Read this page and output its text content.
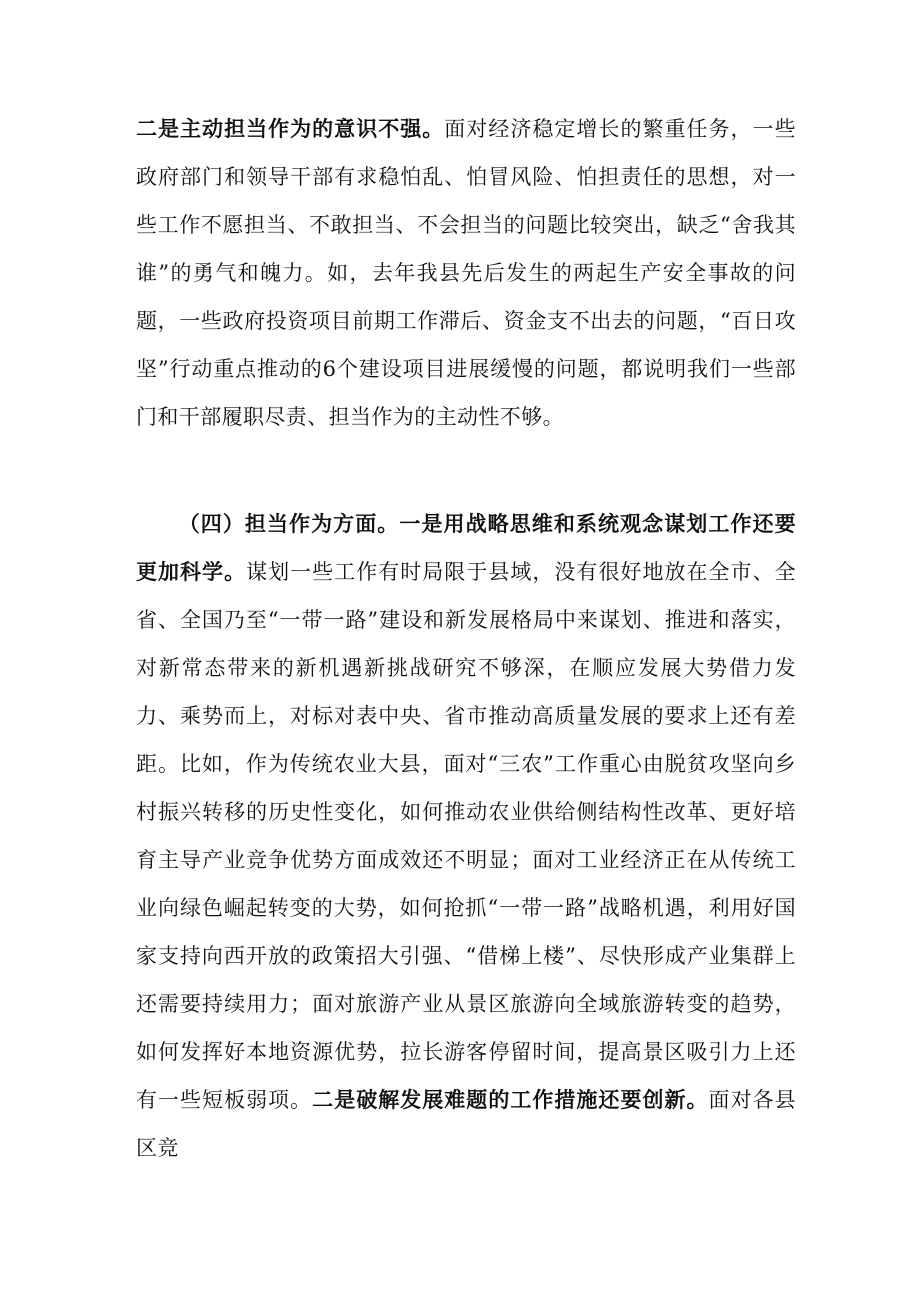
二是主动担当作为的意识不强。面对经济稳定增长的繁重任务，一些政府部门和领导干部有求稳怕乱、怕冒风险、怕担责任的思想，对一些工作不愿担当、不敢担当、不会担当的问题比较突出，缺乏“舍我其谁”的勇气和魄力。如，去年我县先后发生的两起生产安全事故的问题，一些政府投资项目前期工作滞后、资金支不出去的问题，“百日攻坚”行动重点推动的6个建设项目进展缓慢的问题，都说明我们一些部门和干部履职尽责、担当作为的主动性不够。
（四）担当作为方面。一是用战略思维和系统观念谋划工作还要更加科学。谋划一些工作有时局限于县域，没有很好地放在全市、全省、全国乃至“一带一路”建设和新发展格局中来谋划、推进和落实，对新常态带来的新机遇新挑战研究不够深，在顺应发展大势借力发力、乘势而上，对标对表中央、省市推动高质量发展的要求上还有差距。比如，作为传统农业大县，面对“三农”工作重心由脱贫攻坚向乡村振兴转移的历史性变化，如何推动农业供给侧结构性改革、更好培育主导产业竞争优势方面成效还不明显；面对工业经济正在从传统工业向绿色崛起转变的大势，如何抢抓“一带一路”战略机遇，利用好国家支持向西开放的政策招大引强、“借梯上楼”、尽快形成产业集群上还需要持续用力；面对旅游产业从景区旅游向全域旅游转变的趋势，如何发挥好本地资源优势，拉长游客停留时间，提高景区吸引力上还有一些短板弱项。二是破解发展难题的工作措施还要创新。面对各县区竞
